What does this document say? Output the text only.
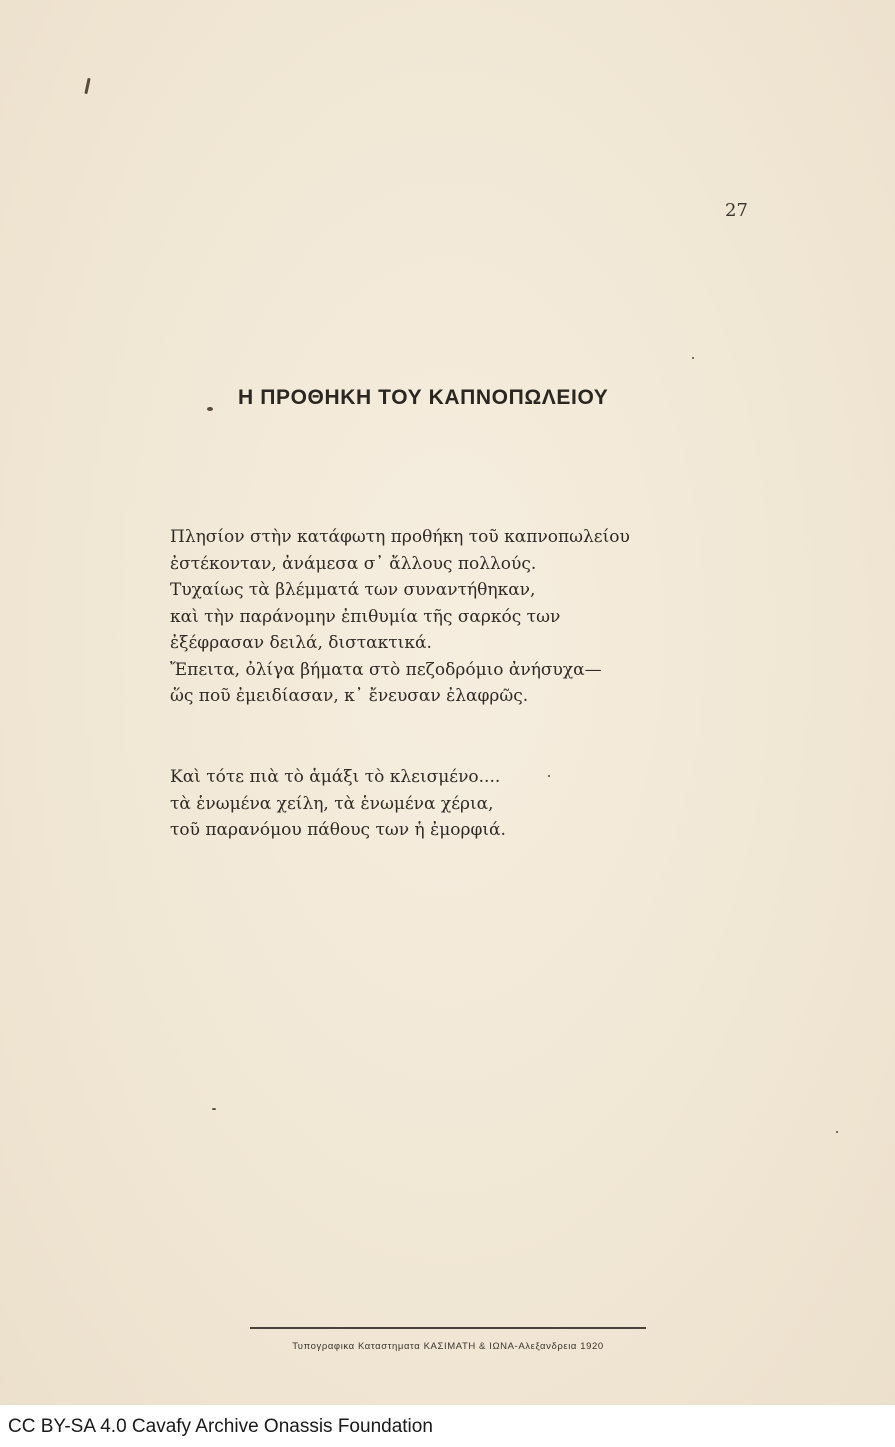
27
Η ΠΡΟΘΗΚΗ ΤΟΥ ΚΑΠΝΟΠΩΛΕΙΟΥ
Πλησίον στὴν κατάφωτη προθήκη τοῦ καπνοπωλείου
ἐστέκονταν, ἀνάμεσα σ᾿ ἄλλους πολλούς.
Τυχαίως τὰ βλέμματά των συναντήθηκαν,
καὶ τὴν παράνομην ἐπιθυμία τῆς σαρκός των
ἐξέφρασαν δειλά, διστακτικά.
Ἔπειτα, ὀλίγα βήματα στὸ πεζοδρόμιο ἀνήσυχα—
ὥς ποῦ ἐμειδίασαν, κ᾿ ἔνευσαν ἐλαφρῶς.
Καὶ τότε πιὰ τὸ ἁμάξι τὸ κλεισμένο....
τὰ ἑνωμένα χείλη, τὰ ἑνωμένα χέρια,
τοῦ παρανόμου πάθους των ἡ ἐμορφιά.
Τυπογραφικα Καταστηματα ΚΑΣΙΜΑΤΗ & ΙΩΝΑ-Αλεξανδρεια 1920
CC BY-SA 4.0 Cavafy Archive Onassis Foundation
